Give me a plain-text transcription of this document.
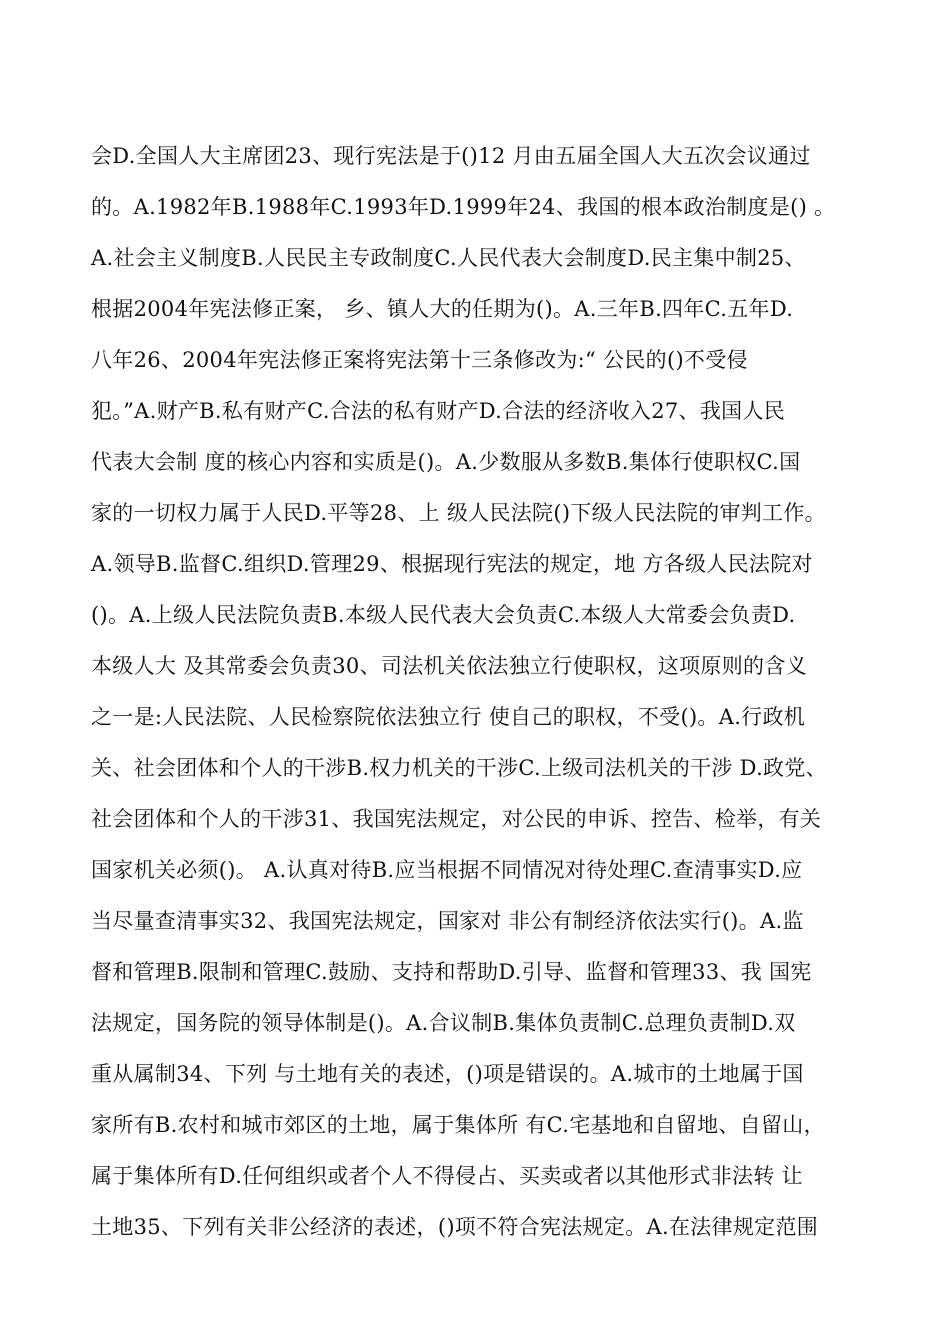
会D.全国人大主席团23、现行宪法是于()12 月由五届全国人大五次会议通过

的。A.1982年B.1988年C.1993年D.1999年24、我国的根本政治制度是() 。

A.社会主义制度B.人民民主专政制度C.人民代表大会制度D.民主集中制25、

根据2004年宪法修正案， 乡、镇人大的任期为()。A.三年B.四年C.五年D.

八年26、2004年宪法修正案将宪法第十三条修改为:“ 公民的()不受侵

犯。”A.财产B.私有财产C.合法的私有财产D.合法的经济收入27、我国人民

代表大会制 度的核心内容和实质是()。A.少数服从多数B.集体行使职权C.国

家的一切权力属于人民D.平等28、上 级人民法院()下级人民法院的审判工作。

A.领导B.监督C.组织D.管理29、根据现行宪法的规定，地 方各级人民法院对

()。A.上级人民法院负责B.本级人民代表大会负责C.本级人大常委会负责D.

本级人大 及其常委会负责30、司法机关依法独立行使职权，这项原则的含义

之一是:人民法院、人民检察院依法独立行 使自己的职权，不受()。A.行政机

关、社会团体和个人的干涉B.权力机关的干涉C.上级司法机关的干涉 D.政党、

社会团体和个人的干涉31、我国宪法规定，对公民的申诉、控告、检举，有关

国家机关必须()。 A.认真对待B.应当根据不同情况对待处理C.查清事实D.应

当尽量查清事实32、我国宪法规定，国家对 非公有制经济依法实行()。A.监

督和管理B.限制和管理C.鼓励、支持和帮助D.引导、监督和管理33、我 国宪

法规定，国务院的领导体制是()。A.合议制B.集体负责制C.总理负责制D.双

重从属制34、下列 与土地有关的表述，()项是错误的。A.城市的土地属于国

家所有B.农村和城市郊区的土地，属于集体所 有C.宅基地和自留地、自留山，

属于集体所有D.任何组织或者个人不得侵占、买卖或者以其他形式非法转 让

土地35、下列有关非公经济的表述，()项不符合宪法规定。A.在法律规定范围
